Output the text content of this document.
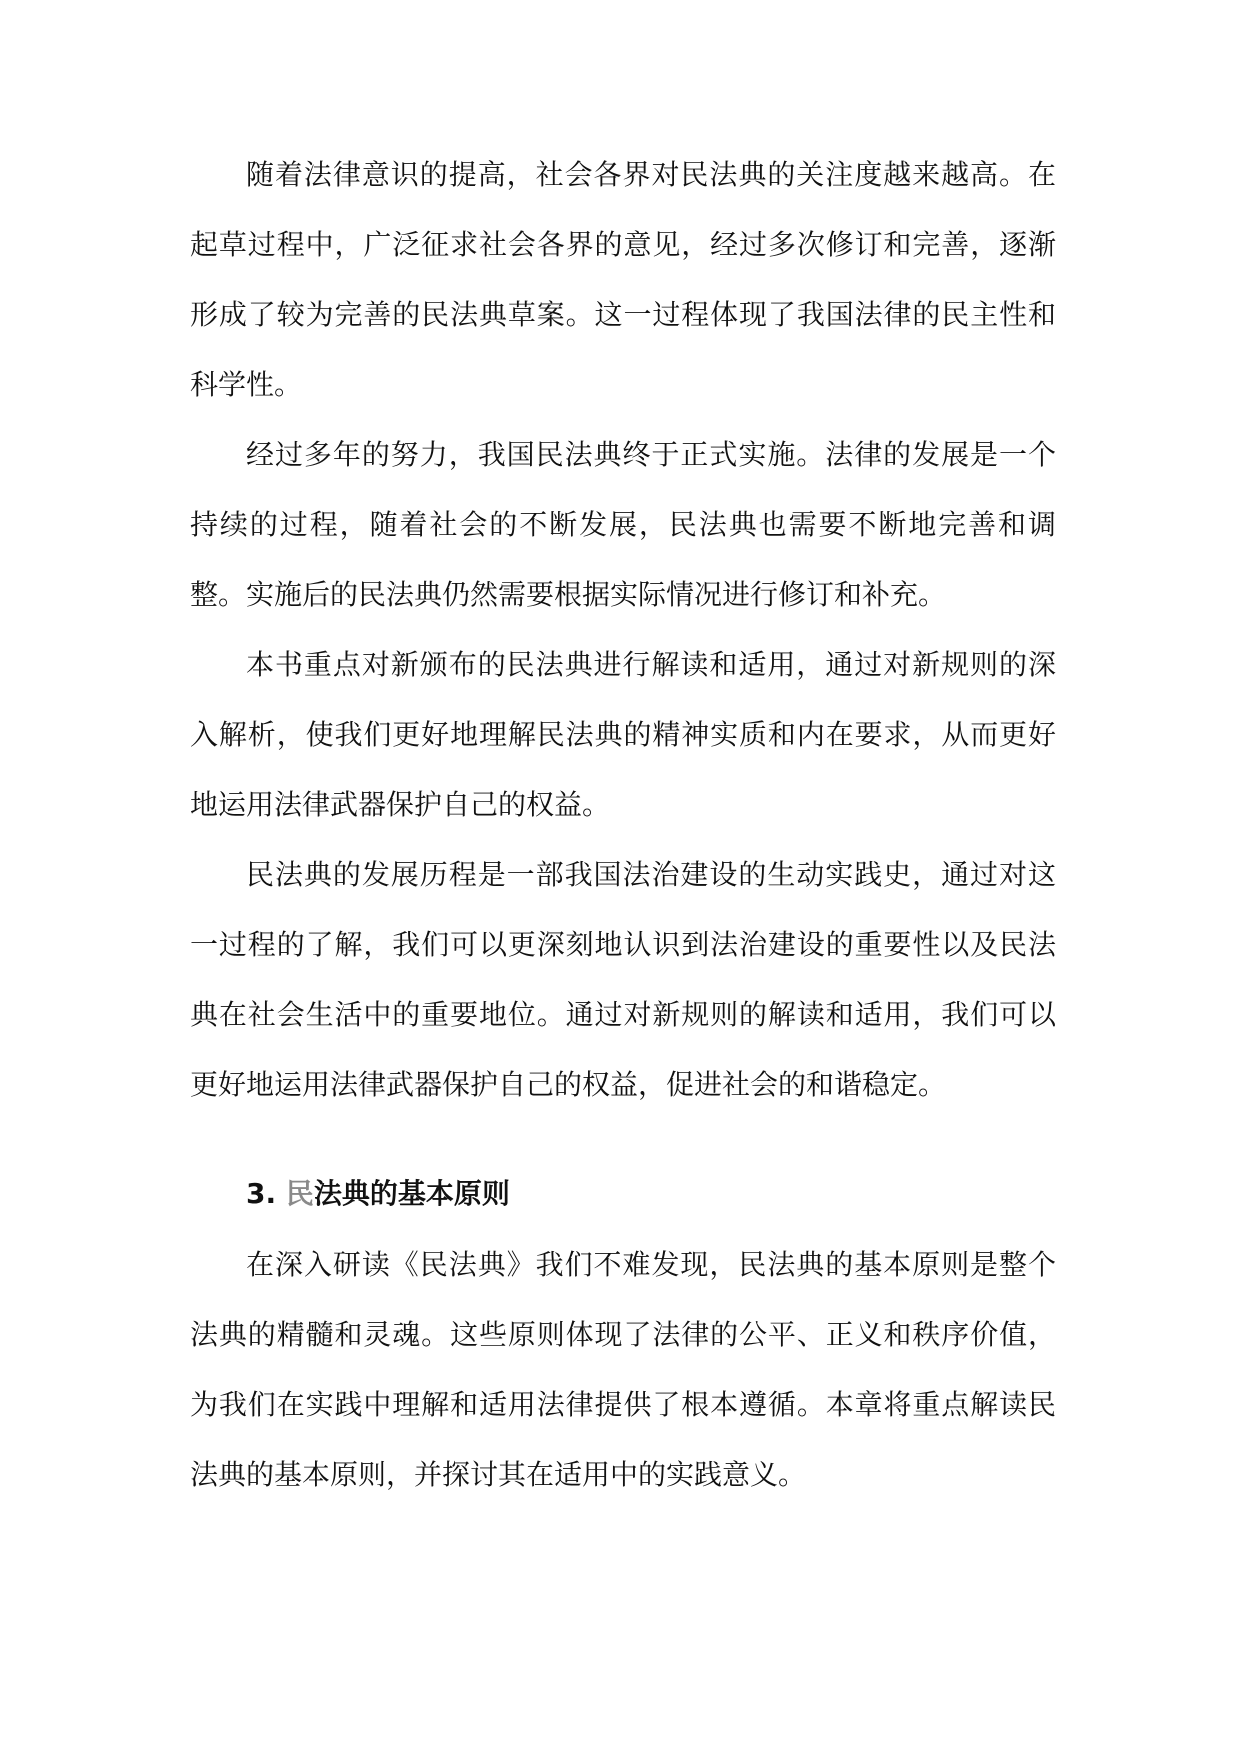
随着法律意识的提高，社会各界对民法典的关注度越来越高。在起草过程中，广泛征求社会各界的意见，经过多次修订和完善，逐渐形成了较为完善的民法典草案。这一过程体现了我国法律的民主性和科学性。

经过多年的努力，我国民法典终于正式实施。法律的发展是一个持续的过程，随着社会的不断发展，民法典也需要不断地完善和调整。实施后的民法典仍然需要根据实际情况进行修订和补充。

本书重点对新颁布的民法典进行解读和适用，通过对新规则的深入解析，使我们更好地理解民法典的精神实质和内在要求，从而更好地运用法律武器保护自己的权益。

民法典的发展历程是一部我国法治建设的生动实践史，通过对这一过程的了解，我们可以更深刻地认识到法治建设的重要性以及民法典在社会生活中的重要地位。通过对新规则的解读和适用，我们可以更好地运用法律武器保护自己的权益，促进社会的和谐稳定。

3. 民法典的基本原则

在深入研读《民法典》我们不难发现，民法典的基本原则是整个法典的精髓和灵魂。这些原则体现了法律的公平、正义和秩序价值，为我们在实践中理解和适用法律提供了根本遵循。本章将重点解读民法典的基本原则，并探讨其在适用中的实践意义。
